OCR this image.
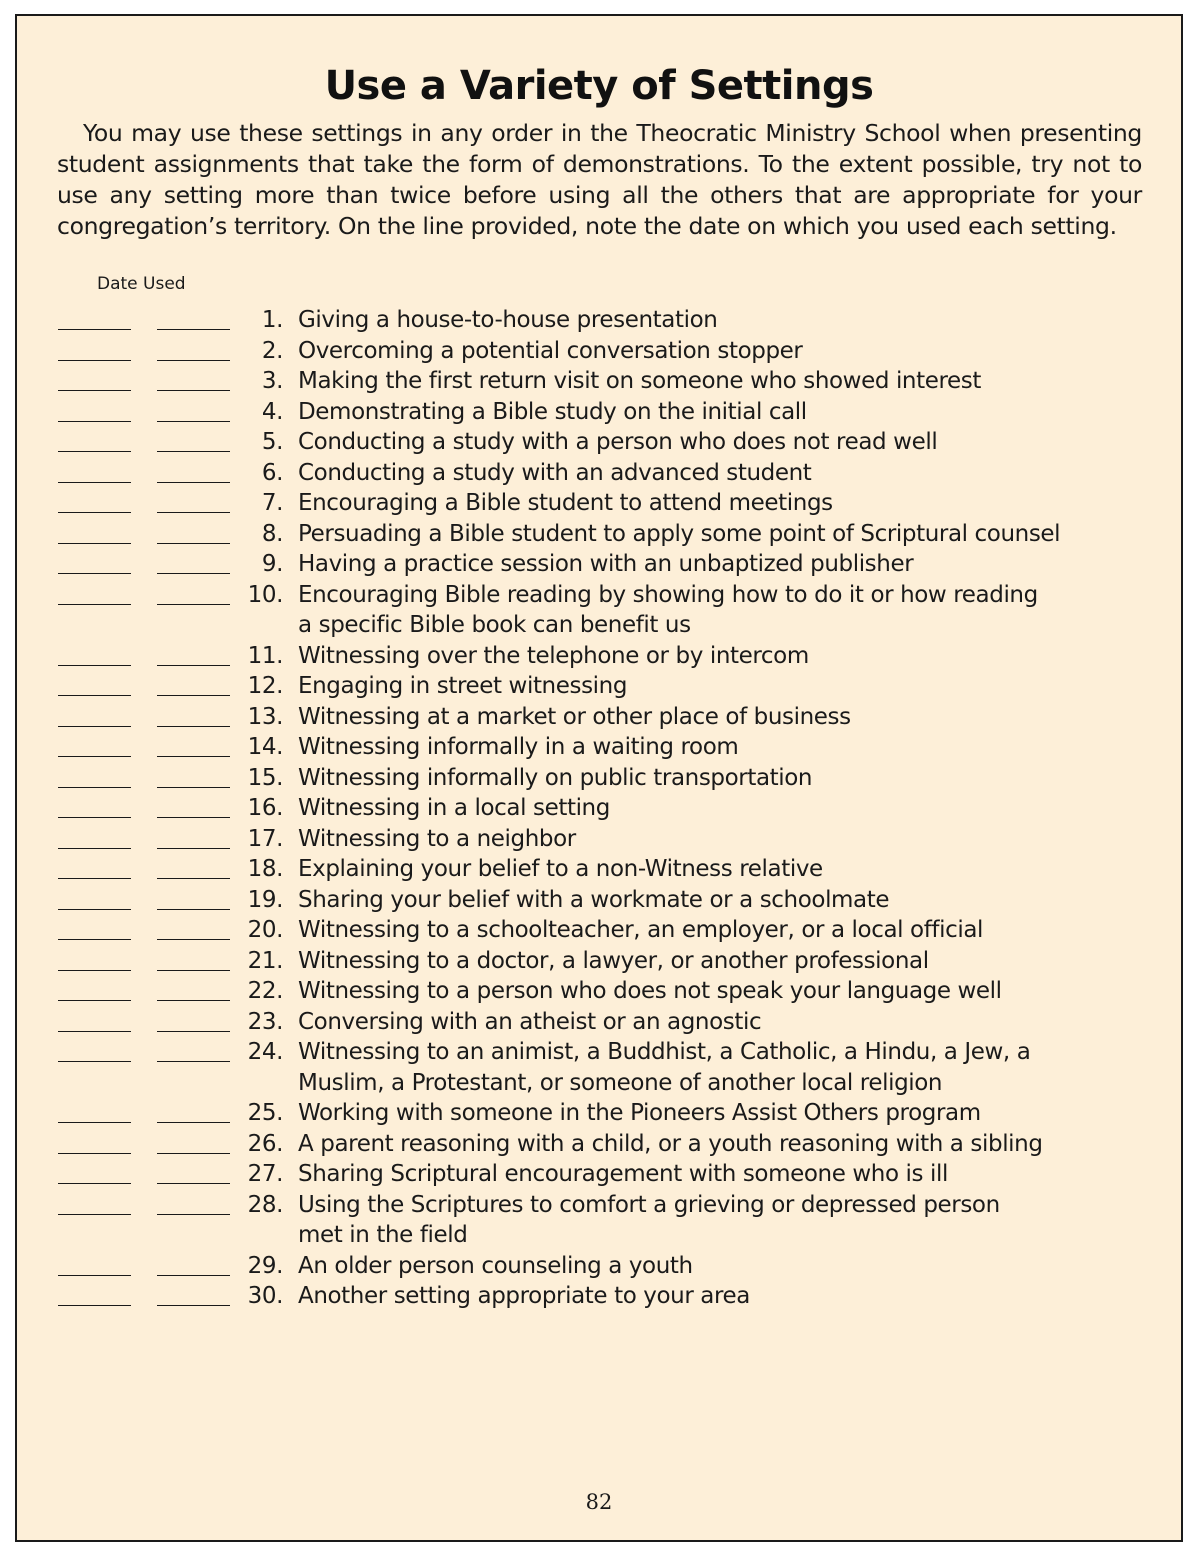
Use a Variety of Settings

You may use these settings in any order in the Theocratic Ministry School when presenting student assignments that take the form of demonstrations. To the extent possible, try not to use any setting more than twice before using all the others that are appropriate for your congregation’s territory. On the line provided, note the date on which you used each setting.

Date Used
1. Giving a house-to-house presentation
2. Overcoming a potential conversation stopper
3. Making the first return visit on someone who showed interest
4. Demonstrating a Bible study on the initial call
5. Conducting a study with a person who does not read well
6. Conducting a study with an advanced student
7. Encouraging a Bible student to attend meetings
8. Persuading a Bible student to apply some point of Scriptural counsel
9. Having a practice session with an unbaptized publisher
10. Encouraging Bible reading by showing how to do it or how reading
a specific Bible book can benefit us
11. Witnessing over the telephone or by intercom
12. Engaging in street witnessing
13. Witnessing at a market or other place of business
14. Witnessing informally in a waiting room
15. Witnessing informally on public transportation
16. Witnessing in a local setting
17. Witnessing to a neighbor
18. Explaining your belief to a non-Witness relative
19. Sharing your belief with a workmate or a schoolmate
20. Witnessing to a schoolteacher, an employer, or a local official
21. Witnessing to a doctor, a lawyer, or another professional
22. Witnessing to a person who does not speak your language well
23. Conversing with an atheist or an agnostic
24. Witnessing to an animist, a Buddhist, a Catholic, a Hindu, a Jew, a
Muslim, a Protestant, or someone of another local religion
25. Working with someone in the Pioneers Assist Others program
26. A parent reasoning with a child, or a youth reasoning with a sibling
27. Sharing Scriptural encouragement with someone who is ill
28. Using the Scriptures to comfort a grieving or depressed person
met in the field
29. An older person counseling a youth
30. Another setting appropriate to your area
82
